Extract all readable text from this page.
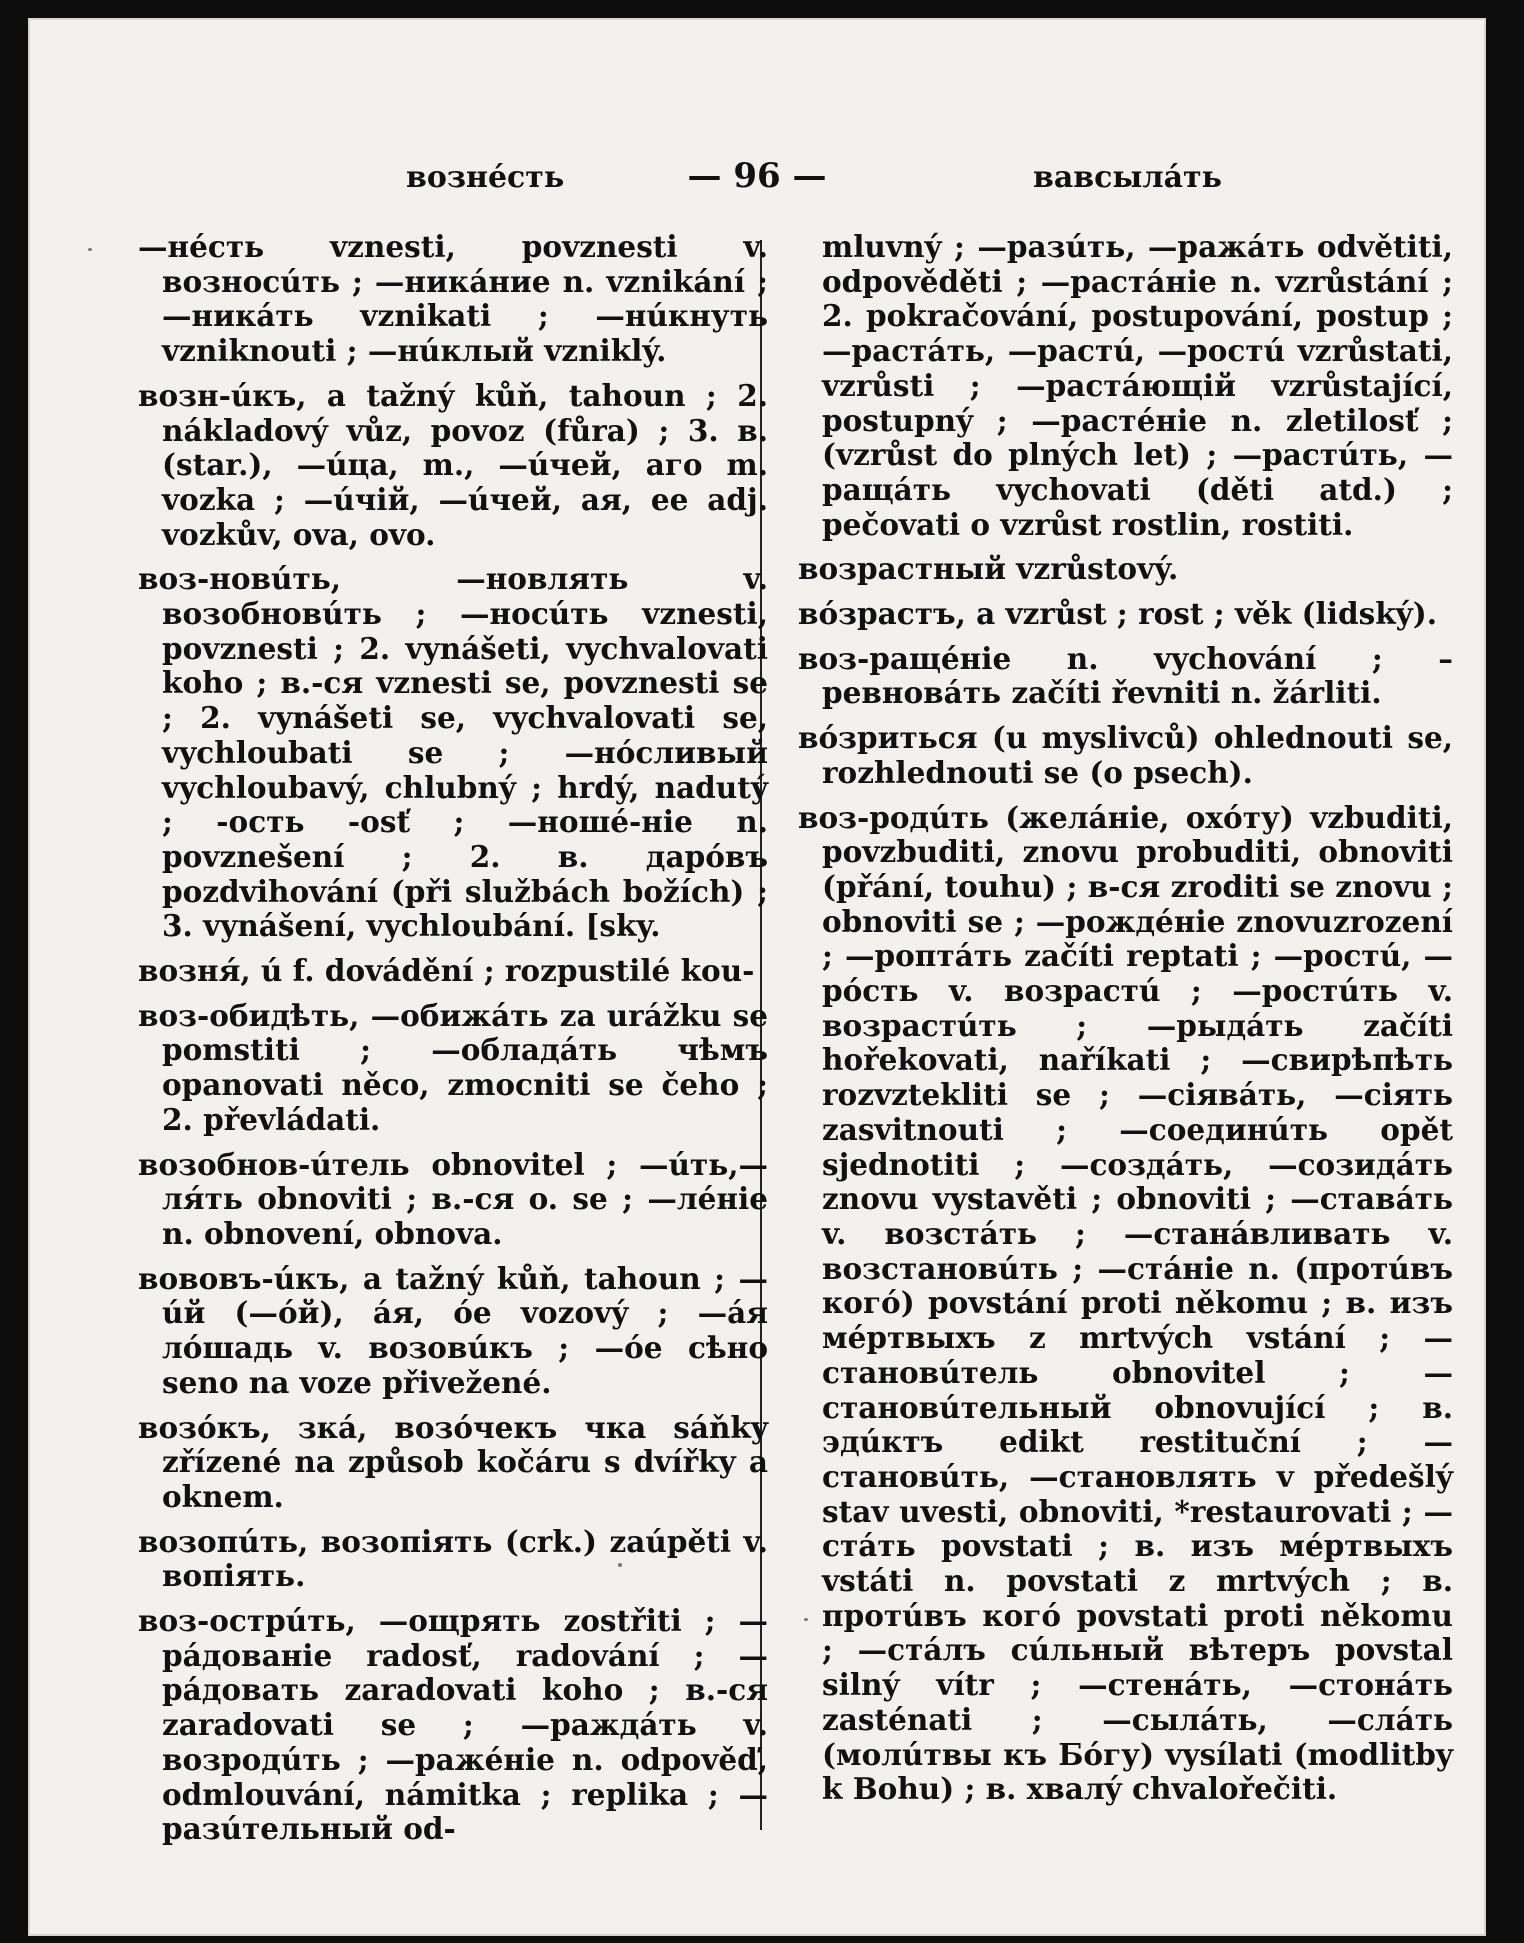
вознéсть	— 96 —	вавсылáть

—нéсть vznesti, povznesti v. возносúть ; —никáние n. vznikání ; —никáть vznikati ; —нúкнуть vzniknouti ; —нúклый vzniklý.

возн-úкъ, a tažný kůň, tahoun ; 2. nákladový vůz, povoz (fůra) ; 3. в. (star.), —úца, m., —úчей, aго m. vozka ; —úчій, —úчей, ая, ее adj. vozkův, ova, ovo.

воз-новúть, —новлять v. возобновúть ; —носúть vznesti, povznesti ; 2. vynášeti, vychvalovati koho ; в.-ся vznesti se, povznesti se ; 2. vynášeti se, vychvalovati se, vychloubati se ; —нóсливый vychloubavý, chlubný ; hrdý, nadutý ; -ость -osť ; —ношé-ніе n. povznešení ; 2. в. дарóвъ pozdvihování (při službách božích) ; 3. vynášení, vychloubání. [sky.

возня́, ú f. dovádění ; rozpustilé kou-

воз-обидѣть, —обижáть za urážku se pomstiti ; —обладáть чѣмъ opanovati něco, zmocniti se čeho ; 2. převládati.

возобнов-úтель obnovitel ; —úть,—ля́ть obnoviti ; в.-ся o. se ; —лéніе n. obnovení, obnova.

вововъ-úкъ, a tažný kůň, tahoun ; —úй (—óй), áя, óе vozový ; —áя лóшадь v. возовúкъ ; —óе сѣно seno na voze přivežené.

возóкъ, зкá, возóчекъ чка sáňky zřízené na způsob kočáru s dvířky a oknem.

возопúть, возопіять (crk.) zaúpěti v. вопіять.

воз-острúть, —ощрять zostřiti ; —рáдованіе radosť, radování ; —рáдовать zaradovati koho ; в.-ся zaradovati se ; —раждáть v. возродúть ; —ражéніе n. odpověď, odmlouvání, námitka ; replika ; —разúтельный od-

mluvný ; —разúть, —ражáть odvětiti, odpověděti ; —растáніе n. vzrůstání ; 2. pokračování, postupování, postup ; —растáть, —растú, —ростú vzrůstati, vzrůsti ; —растáющій vzrůstající, postupný ; —растéніе n. zletilosť ; (vzrůst do plných let) ; —растúть, —ращáть vychovati (děti atd.) ; pečovati o vzrůst rostlin, rostiti.

возрастный vzrůstový.

вóзрастъ, a vzrůst ; rost ; věk (lidský).

воз-ращéніе n. vychování ; – ревновáть začíti řevniti n. žárliti.

вóзриться (u myslivců) ohlednouti se, rozhlednouti se (o psech).

воз-родúть (желáніе, охóту) vzbuditi, povzbuditi, znovu probuditi, obnoviti (přání, touhu) ; в-ся zroditi se znovu ; obnoviti se ; —рождéніе znovuzrození ; —роптáть začíti reptati ; —ростú, —рóсть v. возрастú ; —ростúть v. возрастúть ; —рыдáть začíti hořekovati, naříkati ; —свирѣпѣть rozvztekliti se ; —сіявáть, —сіять zasvitnouti ; —соединúть opět sjednotiti ; —создáть, —созидáть znovu vystavěti ; obnoviti ; —ставáть v. возстáть ; —станáвливать v. возстановúть ; —стáніе n. (протúвъ когó) povstání proti někomu ; в. изъ мéртвыхъ z mrtvých vstání ; —становúтель obnovitel ; —становúтельный obnovující ; в. эдúктъ edikt restituční ; —становúть, —становлять v předešlý stav uvesti, obnoviti, *restaurovati ; —стáть povstati ; в. изъ мéртвыхъ vstáti n. povstati z mrtvých ; в. протúвъ когó povstati proti někomu ; —стáлъ сúльный вѣтеръ povstal silný vítr ; —стенáть, —стонáть zasténati ; —сылáть, —слáть (молúтвы къ Бóгу) vysílati (modlitby k Bohu) ; в. хвалý chvalořečiti.
